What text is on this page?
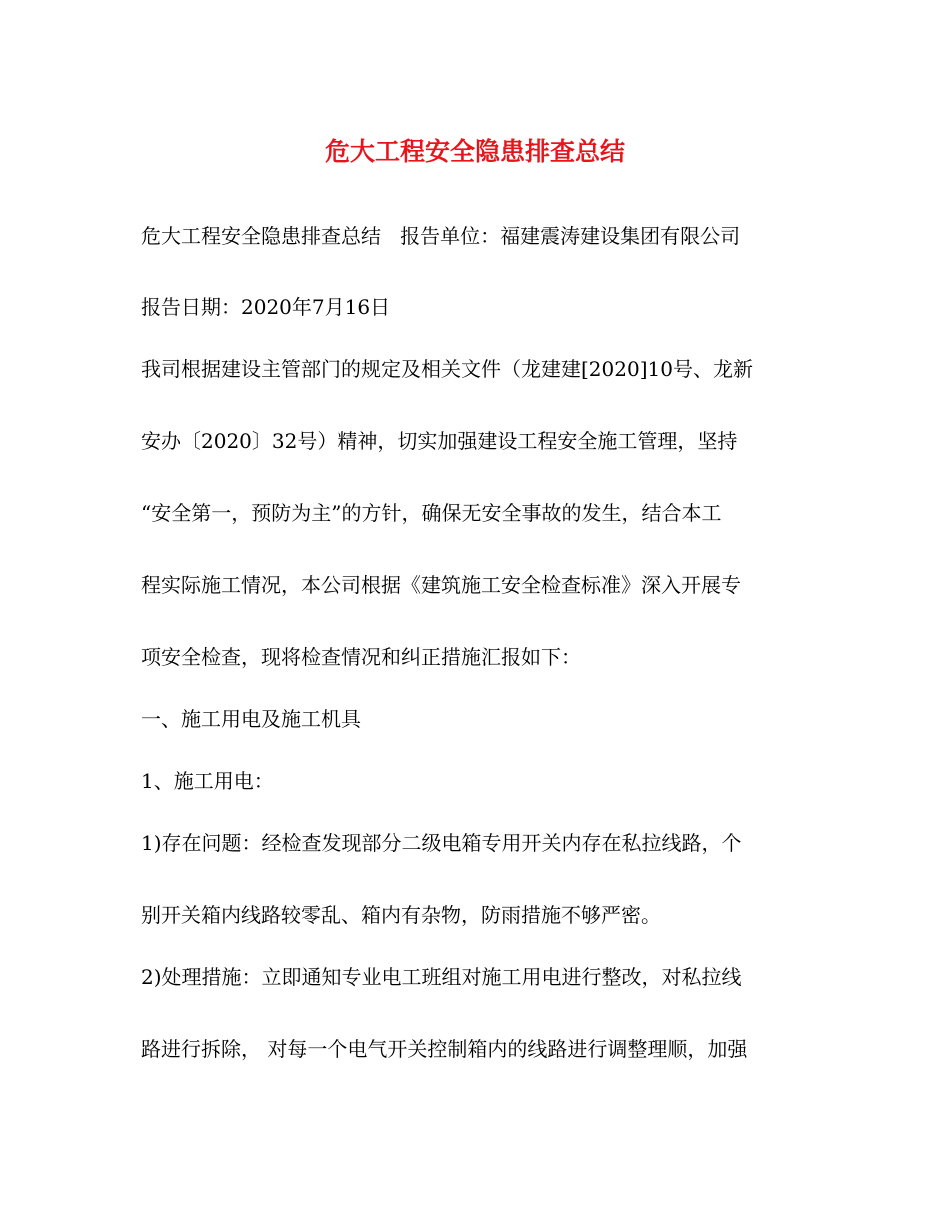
危大工程安全隐患排查总结
危大工程安全隐患排查总结   报告单位：福建震涛建设集团有限公司
报告日期：2020年7月16日
我司根据建设主管部门的规定及相关文件（龙建建[2020]10号、龙新
安办〔2020〕32号）精神，切实加强建设工程安全施工管理，坚持
“安全第一，预防为主”的方针，确保无安全事故的发生，结合本工
程实际施工情况，本公司根据《建筑施工安全检查标准》深入开展专
项安全检查，现将检查情况和纠正措施汇报如下：
一、施工用电及施工机具
1、施工用电：
1)存在问题：经检查发现部分二级电箱专用开关内存在私拉线路，个
别开关箱内线路较零乱、箱内有杂物，防雨措施不够严密。
2)处理措施：立即通知专业电工班组对施工用电进行整改，对私拉线
路进行拆除， 对每一个电气开关控制箱内的线路进行调整理顺，加强
